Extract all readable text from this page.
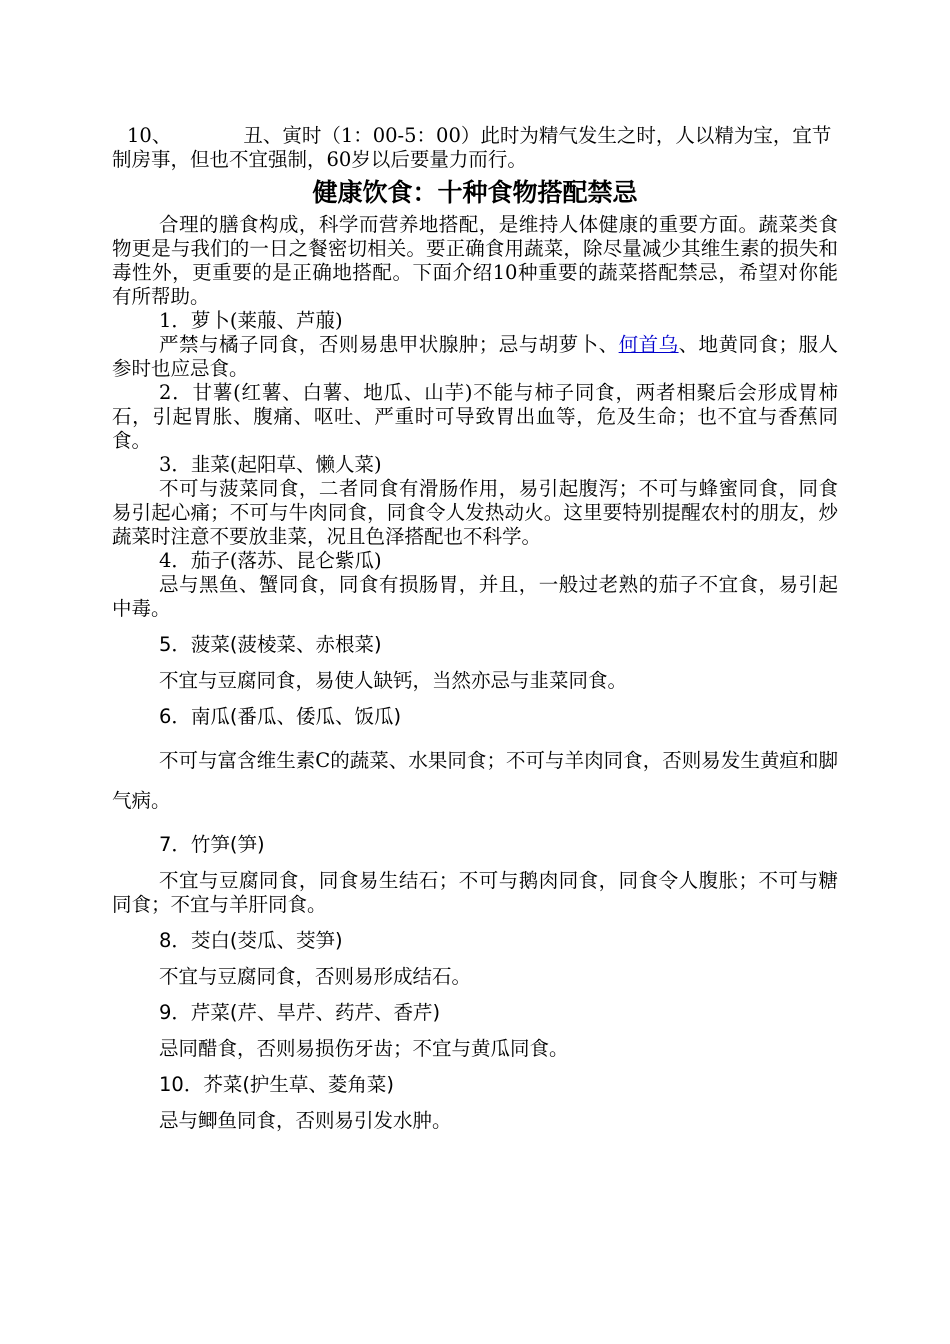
10、	丑、寅时（1：00-5：00）此时为精气发生之时，人以精为宝，宜节

制房事，但也不宜强制，60岁以后要量力而行。

健康饮食：十种食物搭配禁忌

合理的膳食构成，科学而营养地搭配，是维持人体健康的重要方面。蔬菜类食物更是与我们的一日之餐密切相关。要正确食用蔬菜，除尽量减少其维生素的损失和毒性外，更重要的是正确地搭配。下面介绍10种重要的蔬菜搭配禁忌，希望对你能有所帮助。

1．萝卜(莱菔、芦菔)

严禁与橘子同食，否则易患甲状腺肿；忌与胡萝卜、何首乌、地黄同食；服人参时也应忌食。

2．甘薯(红薯、白薯、地瓜、山芋)不能与柿子同食，两者相聚后会形成胃柿石，引起胃胀、腹痛、呕吐、严重时可导致胃出血等，危及生命；也不宜与香蕉同食。

3．韭菜(起阳草、懒人菜)

不可与菠菜同食，二者同食有滑肠作用，易引起腹泻；不可与蜂蜜同食，同食易引起心痛；不可与牛肉同食，同食令人发热动火。这里要特别提醒农村的朋友，炒蔬菜时注意不要放韭菜，况且色泽搭配也不科学。

4．茄子(落苏、昆仑紫瓜)

忌与黑鱼、蟹同食，同食有损肠胃，并且，一般过老熟的茄子不宜食，易引起中毒。

5．菠菜(菠棱菜、赤根菜)

不宜与豆腐同食，易使人缺钙，当然亦忌与韭菜同食。

6．南瓜(番瓜、倭瓜、饭瓜)

不可与富含维生素C的蔬菜、水果同食；不可与羊肉同食，否则易发生黄疸和脚气病。

7．竹笋(笋)

不宜与豆腐同食，同食易生结石；不可与鹅肉同食，同食令人腹胀；不可与糖同食；不宜与羊肝同食。

8．茭白(茭瓜、茭笋)

不宜与豆腐同食，否则易形成结石。

9．芹菜(芹、旱芹、药芹、香芹)

忌同醋食，否则易损伤牙齿；不宜与黄瓜同食。

10．芥菜(护生草、菱角菜)

忌与鲫鱼同食，否则易引发水肿。
